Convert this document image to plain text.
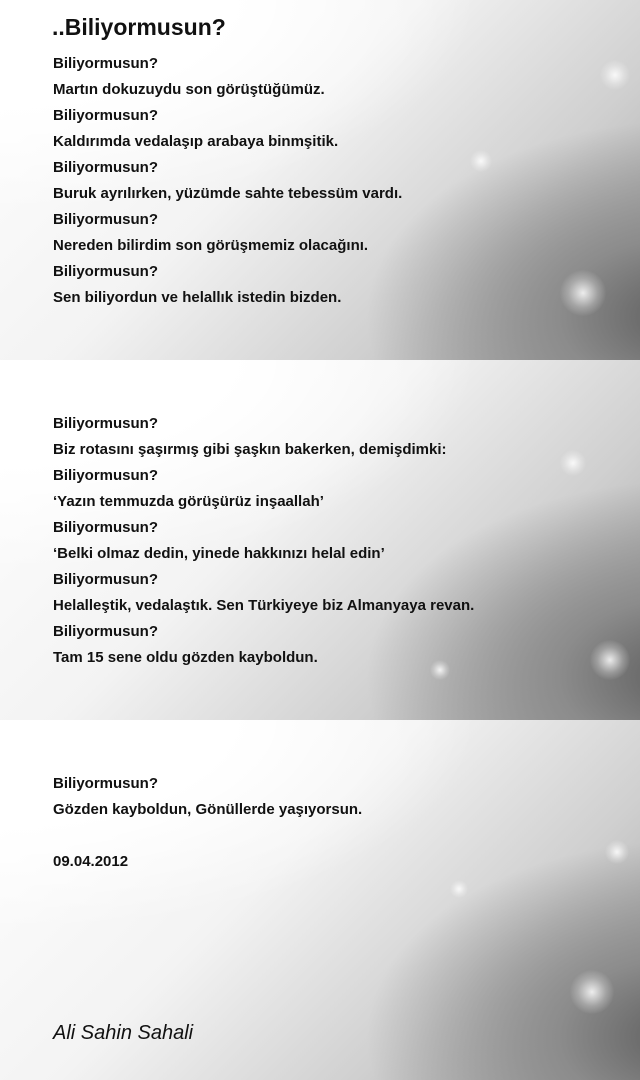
..Biliyormusun?

Biliyormusun?

Martın dokuzuydu son görüştüğümüz.

Biliyormusun?

Kaldırımda vedalaşıp arabaya binmşitik.

Biliyormusun?

Buruk ayrılırken, yüzümde sahte tebessüm vardı.

Biliyormusun?

Nereden bilirdim son görüşmemiz olacağını.

Biliyormusun?

Sen biliyordun ve helallık istedin bizden.

Biliyormusun?

Biz rotasını şaşırmış gibi şaşkın bakerken, demişdimki:

Biliyormusun?

‘Yazın temmuzda görüşürüz inşaallah’

Biliyormusun?

‘Belki olmaz dedin, yinede hakkınızı helal edin’

Biliyormusun?

Helalleştik, vedalaştık. Sen Türkiyeye biz Almanyaya revan.

Biliyormusun?

Tam 15 sene oldu gözden kayboldun.

Biliyormusun?

Gözden kayboldun, Gönüllerde yaşıyorsun.

09.04.2012

Ali Sahin Sahali
